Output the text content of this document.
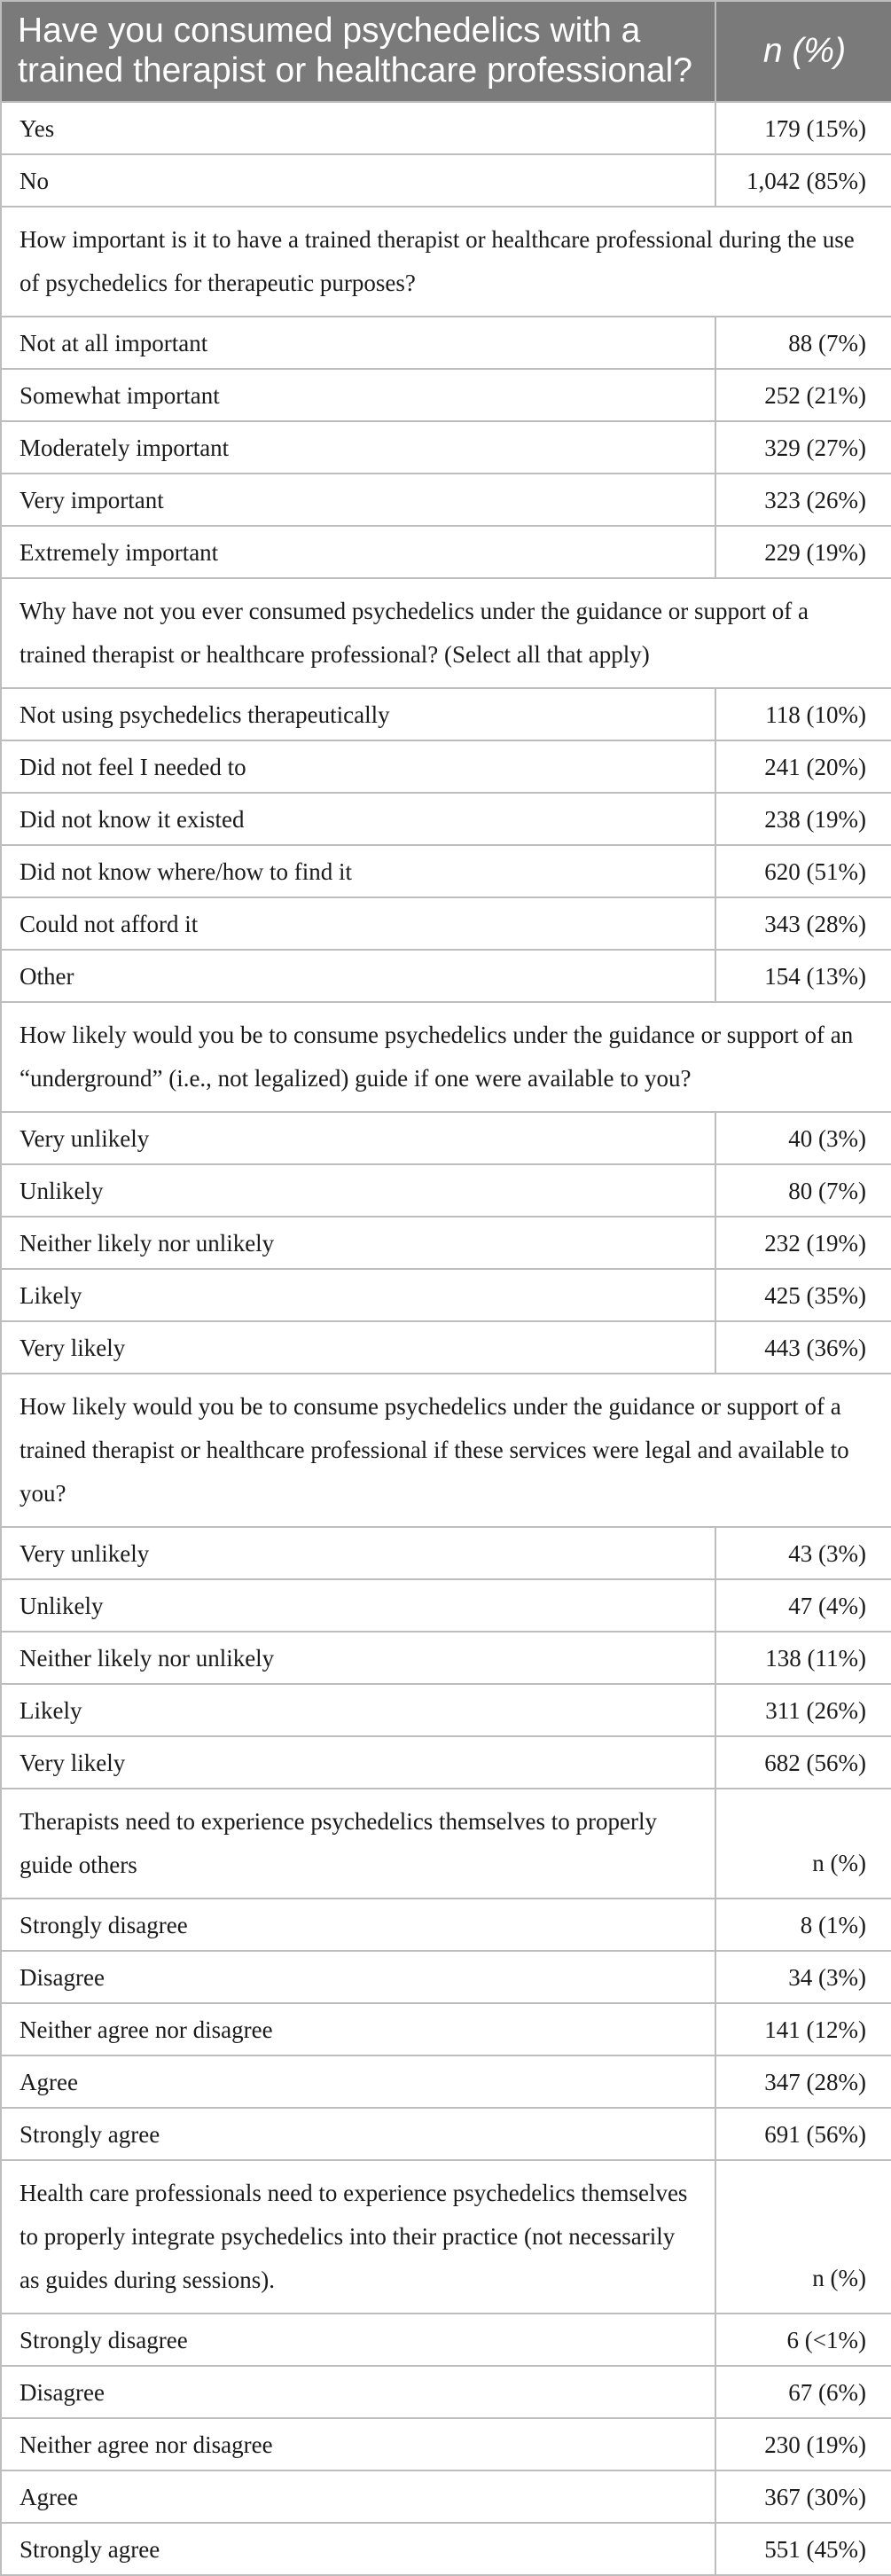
Have you consumed psychedelics with a trained therapist or healthcare professional?	n (%)
Yes	179 (15%)
No	1,042 (85%)
How important is it to have a trained therapist or healthcare professional during the use of psychedelics for therapeutic purposes?	
Not at all important	88 (7%)
Somewhat important	252 (21%)
Moderately important	329 (27%)
Very important	323 (26%)
Extremely important	229 (19%)
Why have not you ever consumed psychedelics under the guidance or support of a trained therapist or healthcare professional? (Select all that apply)	
Not using psychedelics therapeutically	118 (10%)
Did not feel I needed to	241 (20%)
Did not know it existed	238 (19%)
Did not know where/how to find it	620 (51%)
Could not afford it	343 (28%)
Other	154 (13%)
How likely would you be to consume psychedelics under the guidance or support of an “underground” (i.e., not legalized) guide if one were available to you?	
Very unlikely	40 (3%)
Unlikely	80 (7%)
Neither likely nor unlikely	232 (19%)
Likely	425 (35%)
Very likely	443 (36%)
How likely would you be to consume psychedelics under the guidance or support of a trained therapist or healthcare professional if these services were legal and available to you?	
Very unlikely	43 (3%)
Unlikely	47 (4%)
Neither likely nor unlikely	138 (11%)
Likely	311 (26%)
Very likely	682 (56%)
Therapists need to experience psychedelics themselves to properly guide others	n (%)
Strongly disagree	8 (1%)
Disagree	34 (3%)
Neither agree nor disagree	141 (12%)
Agree	347 (28%)
Strongly agree	691 (56%)
Health care professionals need to experience psychedelics themselves to properly integrate psychedelics into their practice (not necessarily as guides during sessions).	n (%)
Strongly disagree	6 (<1%)
Disagree	67 (6%)
Neither agree nor disagree	230 (19%)
Agree	367 (30%)
Strongly agree	551 (45%)
